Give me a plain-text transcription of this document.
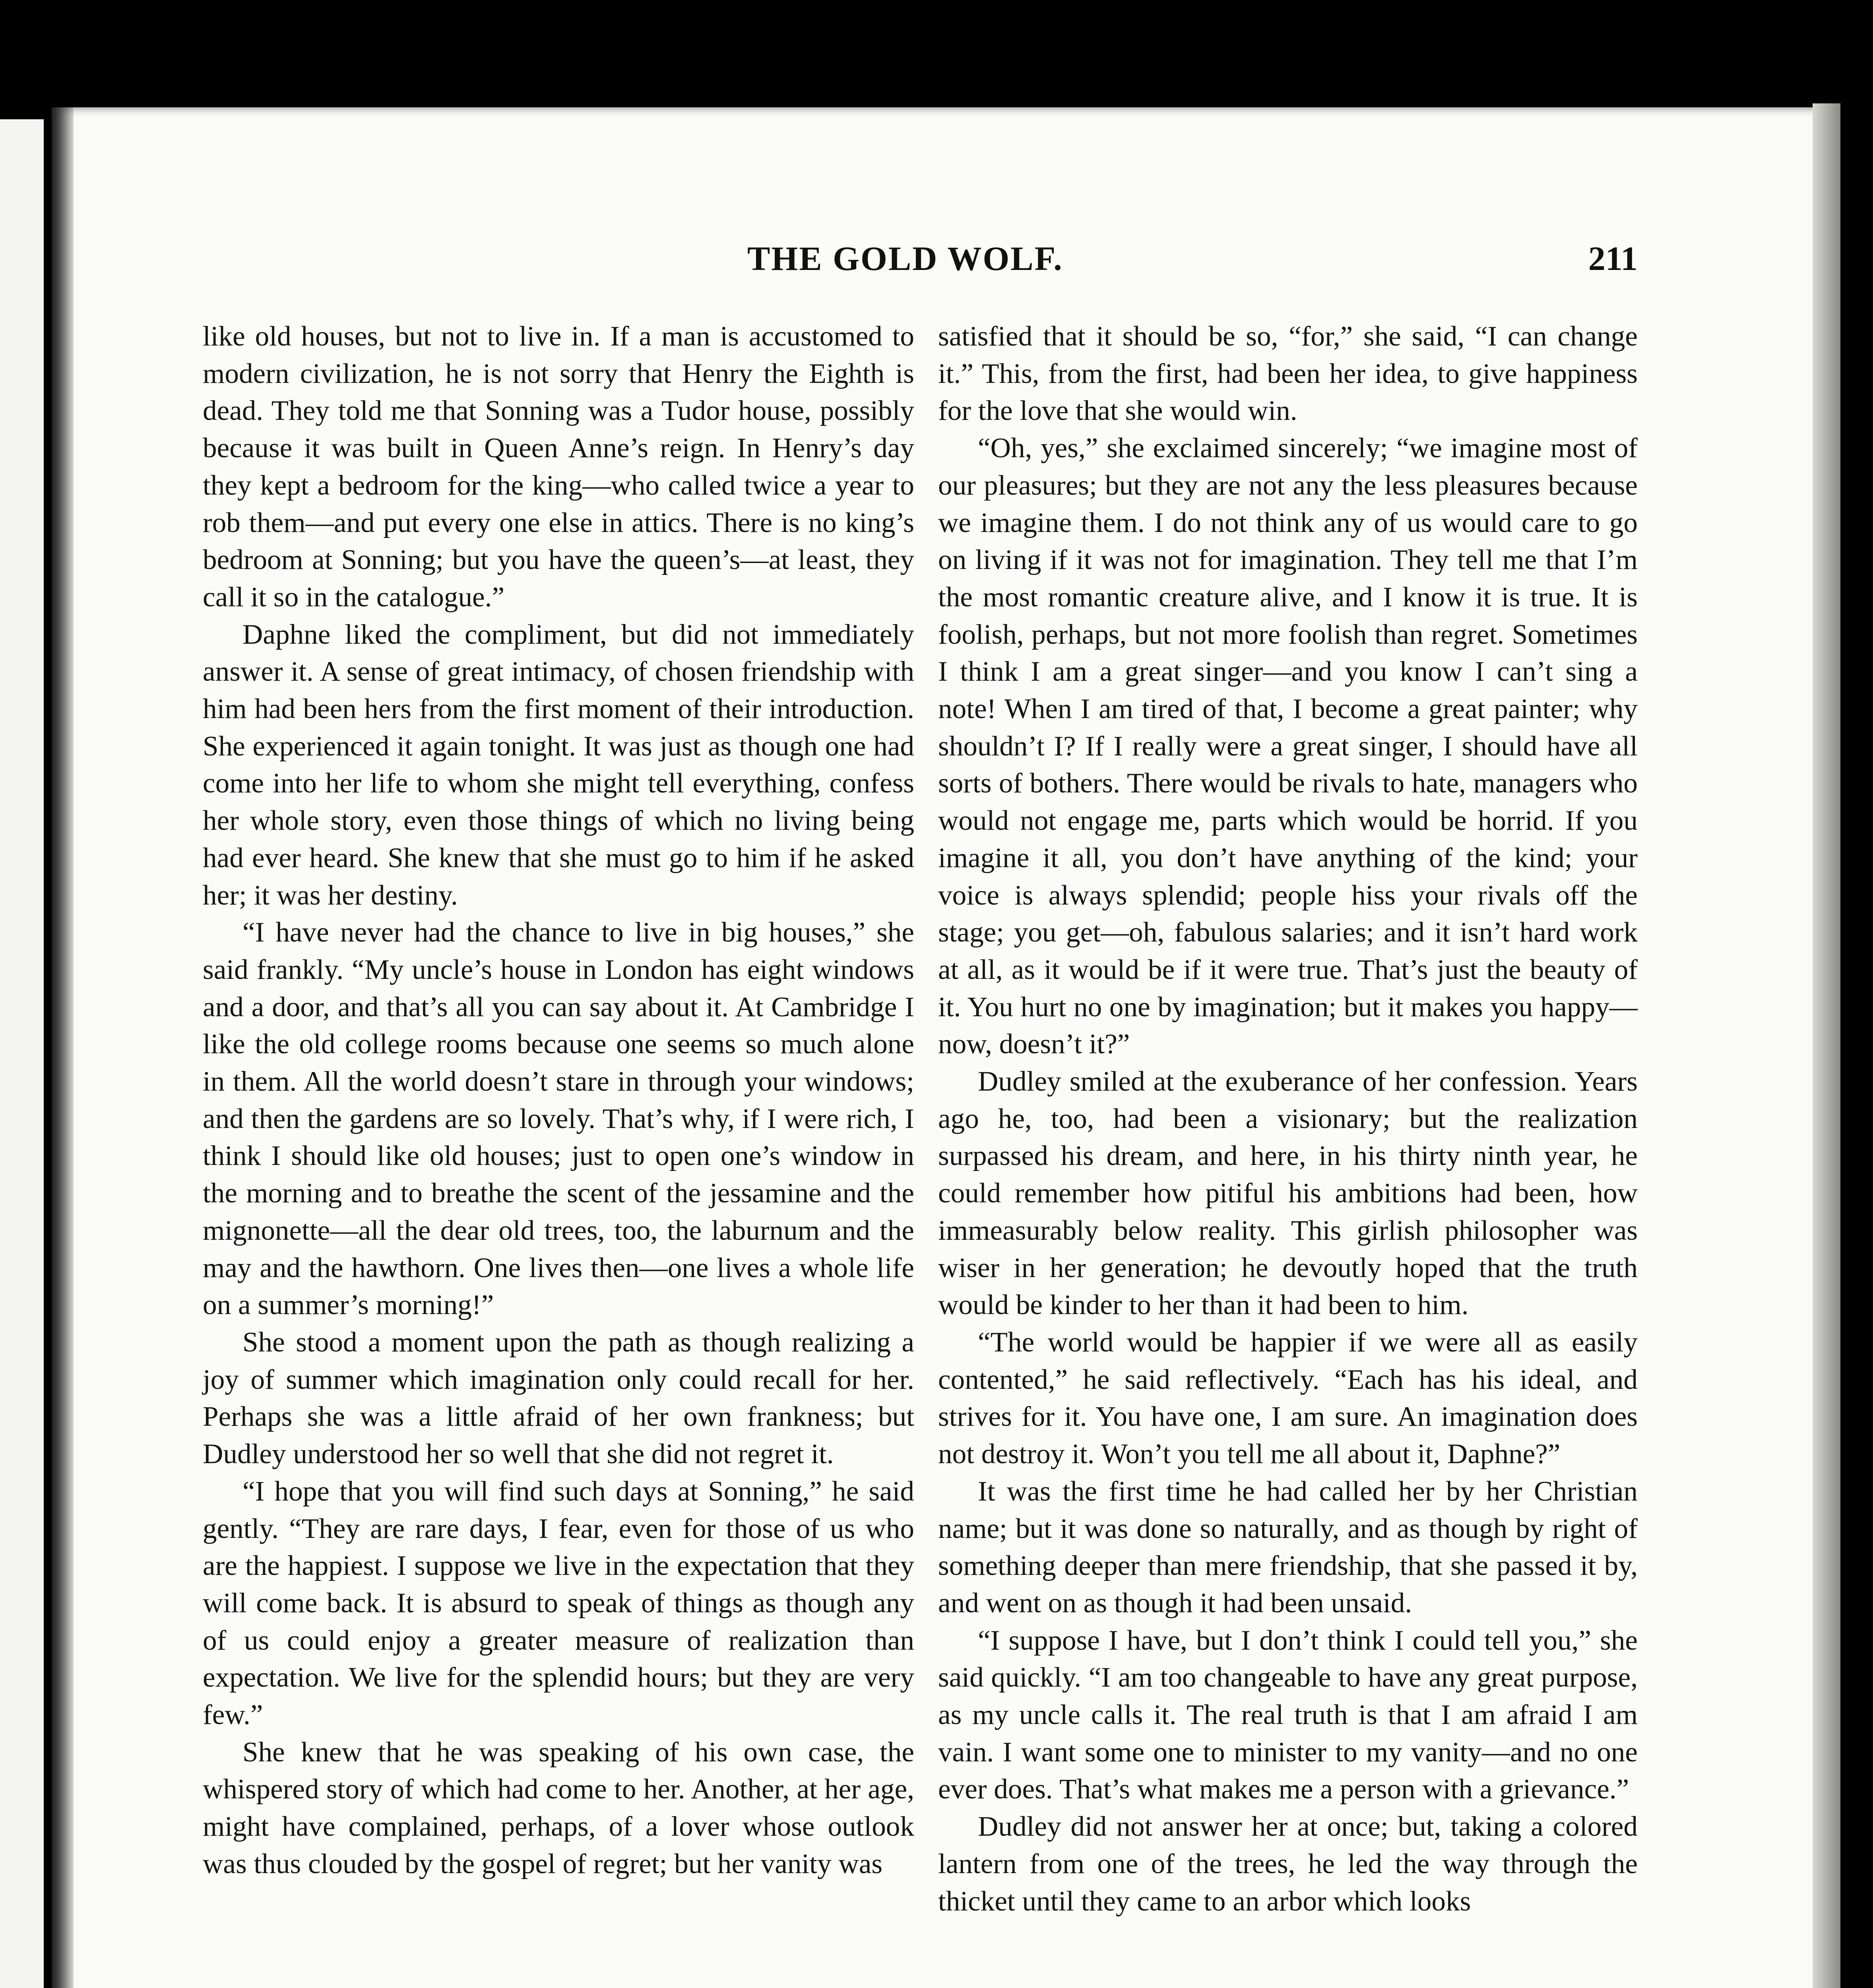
THE GOLD WOLF.	211

like old houses, but not to live in. If a man is accustomed to modern civilization, he is not sorry that Henry the Eighth is dead. They told me that Sonning was a Tudor house, possibly because it was built in Queen Anne’s reign. In Henry’s day they kept a bedroom for the king—who called twice a year to rob them—and put every one else in attics. There is no king’s bedroom at Sonning; but you have the queen’s—at least, they call it so in the catalogue.”

Daphne liked the compliment, but did not immediately answer it. A sense of great intimacy, of chosen friendship with him had been hers from the first moment of their introduction. She experienced it again tonight. It was just as though one had come into her life to whom she might tell everything, confess her whole story, even those things of which no living being had ever heard. She knew that she must go to him if he asked her; it was her destiny.

“I have never had the chance to live in big houses,” she said frankly. “My uncle’s house in London has eight windows and a door, and that’s all you can say about it. At Cambridge I like the old college rooms because one seems so much alone in them. All the world doesn’t stare in through your windows; and then the gardens are so lovely. That’s why, if I were rich, I think I should like old houses; just to open one’s window in the morning and to breathe the scent of the jessamine and the mignonette—all the dear old trees, too, the laburnum and the may and the hawthorn. One lives then—one lives a whole life on a summer’s morning!”

She stood a moment upon the path as though realizing a joy of summer which imagination only could recall for her. Perhaps she was a little afraid of her own frankness; but Dudley understood her so well that she did not regret it.

“I hope that you will find such days at Sonning,” he said gently. “They are rare days, I fear, even for those of us who are the happiest. I suppose we live in the expectation that they will come back. It is absurd to speak of things as though any of us could enjoy a greater measure of realization than expectation. We live for the splendid hours; but they are very few.”

She knew that he was speaking of his own case, the whispered story of which had come to her. Another, at her age, might have complained, perhaps, of a lover whose outlook was thus clouded by the gospel of regret; but her vanity was

satisfied that it should be so, “for,” she said, “I can change it.” This, from the first, had been her idea, to give happiness for the love that she would win.

“Oh, yes,” she exclaimed sincerely; “we imagine most of our pleasures; but they are not any the less pleasures because we imagine them. I do not think any of us would care to go on living if it was not for imagination. They tell me that I’m the most romantic creature alive, and I know it is true. It is foolish, perhaps, but not more foolish than regret. Sometimes I think I am a great singer—and you know I can’t sing a note! When I am tired of that, I become a great painter; why shouldn’t I? If I really were a great singer, I should have all sorts of bothers. There would be rivals to hate, managers who would not engage me, parts which would be horrid. If you imagine it all, you don’t have anything of the kind; your voice is always splendid; people hiss your rivals off the stage; you get—oh, fabulous salaries; and it isn’t hard work at all, as it would be if it were true. That’s just the beauty of it. You hurt no one by imagination; but it makes you happy—now, doesn’t it?”

Dudley smiled at the exuberance of her confession. Years ago he, too, had been a visionary; but the realization surpassed his dream, and here, in his thirty ninth year, he could remember how pitiful his ambitions had been, how immeasurably below reality. This girlish philosopher was wiser in her generation; he devoutly hoped that the truth would be kinder to her than it had been to him.

“The world would be happier if we were all as easily contented,” he said reflectively. “Each has his ideal, and strives for it. You have one, I am sure. An imagination does not destroy it. Won’t you tell me all about it, Daphne?”

It was the first time he had called her by her Christian name; but it was done so naturally, and as though by right of something deeper than mere friendship, that she passed it by, and went on as though it had been unsaid.

“I suppose I have, but I don’t think I could tell you,” she said quickly. “I am too changeable to have any great purpose, as my uncle calls it. The real truth is that I am afraid I am vain. I want some one to minister to my vanity—and no one ever does. That’s what makes me a person with a grievance.”

Dudley did not answer her at once; but, taking a colored lantern from one of the trees, he led the way through the thicket until they came to an arbor which looks
